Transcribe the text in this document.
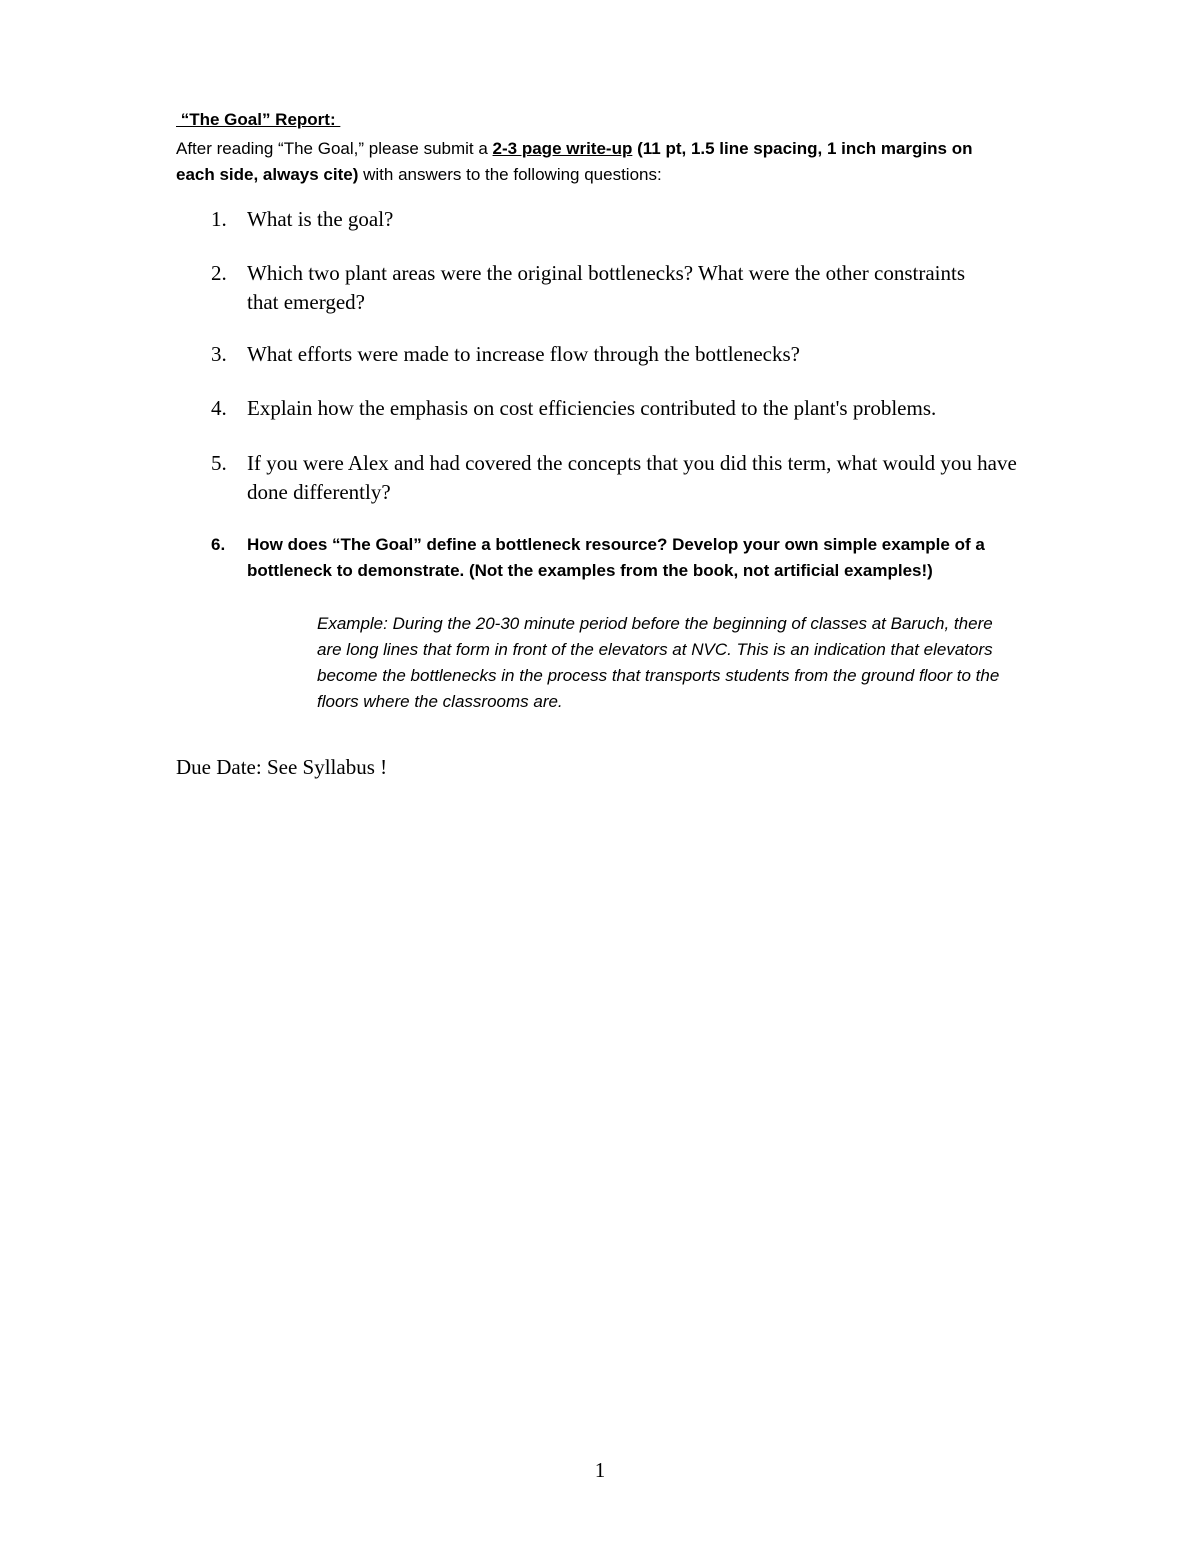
“The Goal” Report:
After reading “The Goal,” please submit a 2-3 page write-up (11 pt, 1.5 line spacing, 1 inch margins on each side, always cite) with answers to the following questions:
1. What is the goal?
2. Which two plant areas were the original bottlenecks? What were the other constraints that emerged?
3. What efforts were made to increase flow through the bottlenecks?
4. Explain how the emphasis on cost efficiencies contributed to the plant's problems.
5. If you were Alex and had covered the concepts that you did this term, what would you have done differently?
6. How does “The Goal” define a bottleneck resource? Develop your own simple example of a bottleneck to demonstrate. (Not the examples from the book, not artificial examples!)
Example: During the 20-30 minute period before the beginning of classes at Baruch, there are long lines that form in front of the elevators at NVC. This is an indication that elevators become the bottlenecks in the process that transports students from the ground floor to the floors where the classrooms are.
Due Date: See Syllabus !
1
